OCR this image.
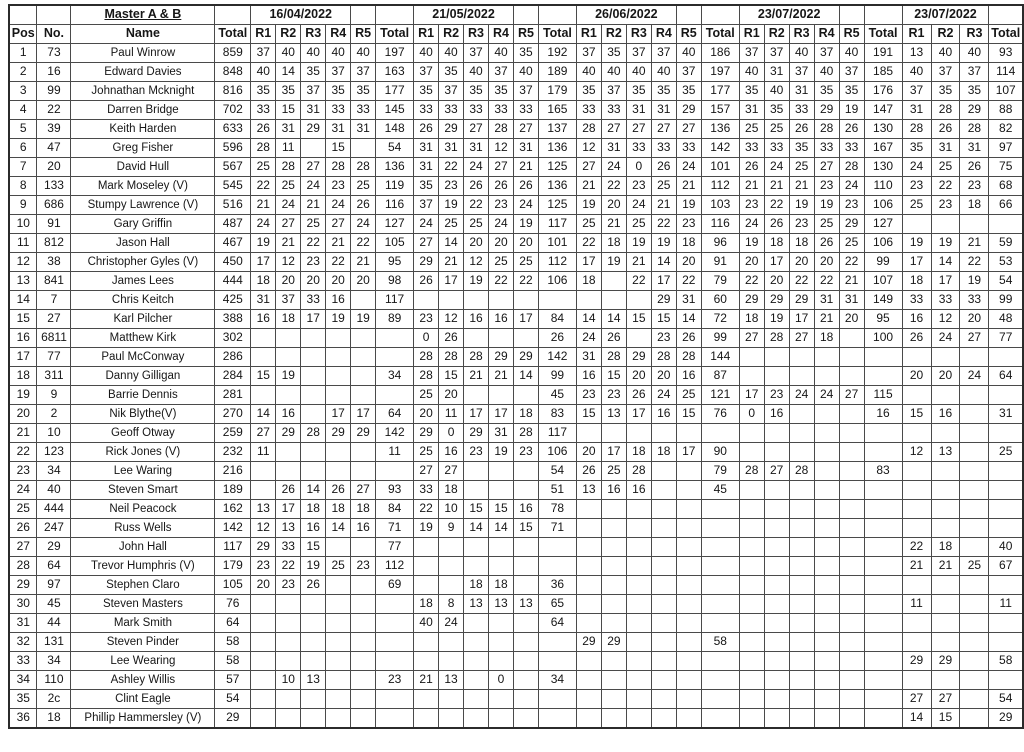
		Master A & B		16/04/2022						21/05/2022						26/06/2022						23/07/2022						23/07/2022			
Pos	No.	Name	Total	R1	R2	R3	R4	R5	Total	R1	R2	R3	R4	R5	Total	R1	R2	R3	R4	R5	Total	R1	R2	R3	R4	R5	Total	R1	R2	R3	Total
1	73	Paul Winrow	859	37	40	40	40	40	197	40	40	37	40	35	192	37	35	37	37	40	186	37	37	40	37	40	191	13	40	40	93
2	16	Edward Davies	848	40	14	35	37	37	163	37	35	40	37	40	189	40	40	40	40	37	197	40	31	37	40	37	185	40	37	37	114
3	99	Johnathan Mcknight	816	35	35	37	35	35	177	35	37	35	35	37	179	35	37	35	35	35	177	35	40	31	35	35	176	37	35	35	107
4	22	Darren Bridge	702	33	15	31	33	33	145	33	33	33	33	33	165	33	33	31	31	29	157	31	35	33	29	19	147	31	28	29	88
5	39	Keith Harden	633	26	31	29	31	31	148	26	29	27	28	27	137	28	27	27	27	27	136	25	25	26	28	26	130	28	26	28	82
6	47	Greg Fisher	596	28	11		15		54	31	31	31	12	31	136	12	31	33	33	33	142	33	33	35	33	33	167	35	31	31	97
7	20	David Hull	567	25	28	27	28	28	136	31	22	24	27	21	125	27	24	0	26	24	101	26	24	25	27	28	130	24	25	26	75
8	133	Mark Moseley (V)	545	22	25	24	23	25	119	35	23	26	26	26	136	21	22	23	25	21	112	21	21	21	23	24	110	23	22	23	68
9	686	Stumpy Lawrence (V)	516	21	24	21	24	26	116	37	19	22	23	24	125	19	20	24	21	19	103	23	22	19	19	23	106	25	23	18	66
10	91	Gary Griffin	487	24	27	25	27	24	127	24	25	25	24	19	117	25	21	25	22	23	116	24	26	23	25	29	127				
11	812	Jason Hall	467	19	21	22	21	22	105	27	14	20	20	20	101	22	18	19	19	18	96	19	18	18	26	25	106	19	19	21	59
12	38	Christopher Gyles (V)	450	17	12	23	22	21	95	29	21	12	25	25	112	17	19	21	14	20	91	20	17	20	20	22	99	17	14	22	53
13	841	James Lees	444	18	20	20	20	20	98	26	17	19	22	22	106	18		22	17	22	79	22	20	22	22	21	107	18	17	19	54
14	7	Chris Keitch	425	31	37	33	16		117										29	31	60	29	29	29	31	31	149	33	33	33	99
15	27	Karl Pilcher	388	16	18	17	19	19	89	23	12	16	16	17	84	14	14	15	15	14	72	18	19	17	21	20	95	16	12	20	48
16	6811	Matthew Kirk	302							0	26				26	24	26		23	26	99	27	28	27	18		100	26	24	27	77
17	77	Paul McConway	286							28	28	28	29	29	142	31	28	29	28	28	144										
18	311	Danny Gilligan	284	15	19				34	28	15	21	21	14	99	16	15	20	20	16	87							20	20	24	64
19	9	Barrie Dennis	281							25	20				45	23	23	26	24	25	121	17	23	24	24	27	115				
20	2	Nik Blythe(V)	270	14	16		17	17	64	20	11	17	17	18	83	15	13	17	16	15	76	0	16				16	15	16		31
21	10	Geoff Otway	259	27	29	28	29	29	142	29	0	29	31	28	117																
22	123	Rick Jones (V)	232	11					11	25	16	23	19	23	106	20	17	18	18	17	90							12	13		25
23	34	Lee Waring	216							27	27				54	26	25	28			79	28	27	28			83				
24	40	Steven Smart	189		26	14	26	27	93	33	18				51	13	16	16			45										
25	444	Neil Peacock	162	13	17	18	18	18	84	22	10	15	15	16	78																
26	247	Russ Wells	142	12	13	16	14	16	71	19	9	14	14	15	71																
27	29	John Hall	117	29	33	15			77																			22	18		40
28	64	Trevor Humphris (V)	179	23	22	19	25	23	112																			21	21	25	67
29	97	Stephen Claro	105	20	23	26			69			18	18		36																
30	45	Steven Masters	76							18	8	13	13	13	65													11			11
31	44	Mark Smith	64							40	24				64																
32	131	Steven Pinder	58													29	29				58										
33	34	Lee Wearing	58																									29	29		58
34	110	Ashley Willis	57		10	13			23	21	13		0		34																
35	2c	Clint Eagle	54																									27	27		54
36	18	Phillip Hammersley (V)	29																									14	15		29
